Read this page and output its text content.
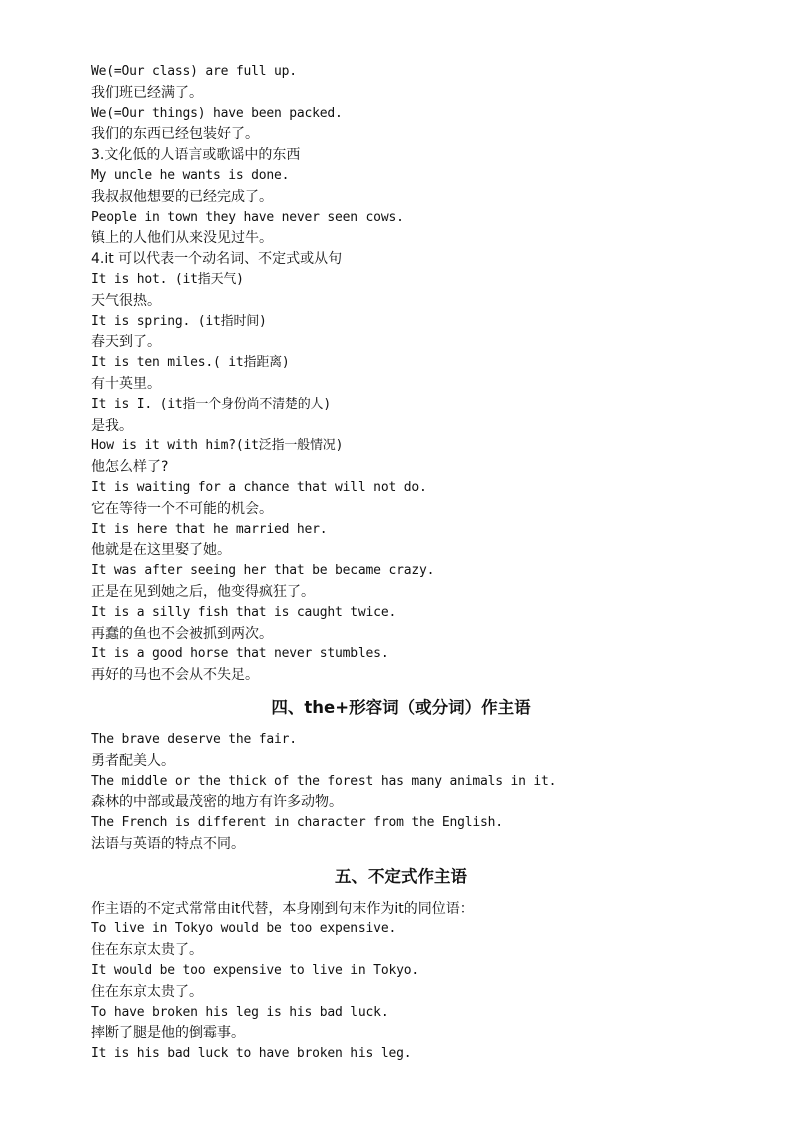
We(=Our class) are full up.
我们班已经满了。
We(=Our things) have been packed.
我们的东西已经包装好了。
3.文化低的人语言或歌谣中的东西
My uncle he wants is done.
我叔叔他想要的已经完成了。
People in town they have never seen cows.
镇上的人他们从来没见过牛。
4.it 可以代表一个动名词、不定式或从句
It is hot. (it指天气)
天气很热。
It is spring. (it指时间)
春天到了。
It is ten miles.( it指距离)
有十英里。
It is I. (it指一个身份尚不清楚的人)
是我。
How is it with him?(it泛指一般情况)
他怎么样了?
It is waiting for a chance that will not do.
它在等待一个不可能的机会。
It is here that he married her.
他就是在这里娶了她。
It was after seeing her that be became crazy.
正是在见到她之后，他变得疯狂了。
It is a silly fish that is caught twice.
再蠢的鱼也不会被抓到两次。
It is a good horse that never stumbles.
再好的马也不会从不失足。
四、the+形容词（或分词）作主语
The brave deserve the fair.
勇者配美人。
The middle or the thick of the forest has many animals in it.
森林的中部或最茂密的地方有许多动物。
The French is different in character from the English.
法语与英语的特点不同。
五、不定式作主语
作主语的不定式常常由it代替，本身刚到句末作为it的同位语：
To live in Tokyo would be too expensive.
住在东京太贵了。
It would be too expensive to live in Tokyo.
住在东京太贵了。
To have broken his leg is his bad luck.
摔断了腿是他的倒霉事。
It is his bad luck to have broken his leg.
